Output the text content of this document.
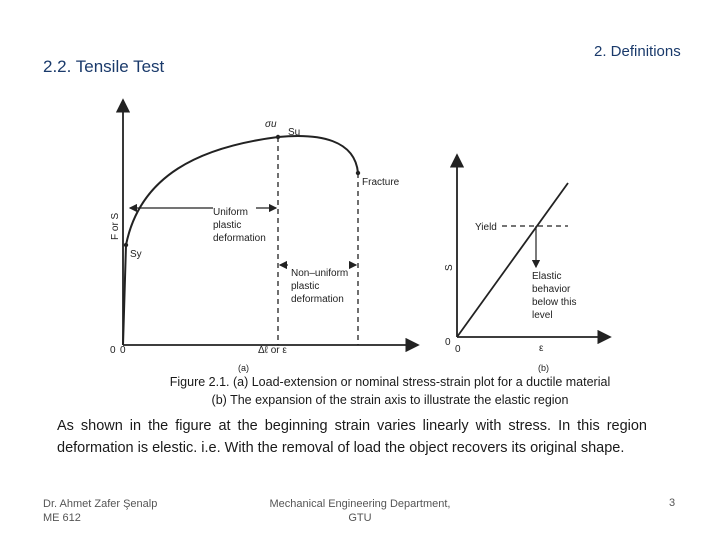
2.2. Tensile Test
2. Definitions
F or S
0 0	Δℓ or ε
σu
Su
Sy
Fracture
Uniform
plastic
deformation
Non–uniform
plastic
deformation
(a)
S
0
0	ε
Yield
Elastic
behavior
below this
level
(b)
Figure 2.1. (a) Load-extension or nominal stress-strain plot for a ductile material
(b) The expansion of the strain axis to illustrate the elastic region
As shown in the figure at the beginning strain varies linearly with stress. In this region deformation is elestic. i.e. With the removal of load the object recovers its original shape.
Dr. Ahmet Zafer Şenalp
ME 612
Mechanical Engineering Department,
GTU
3
